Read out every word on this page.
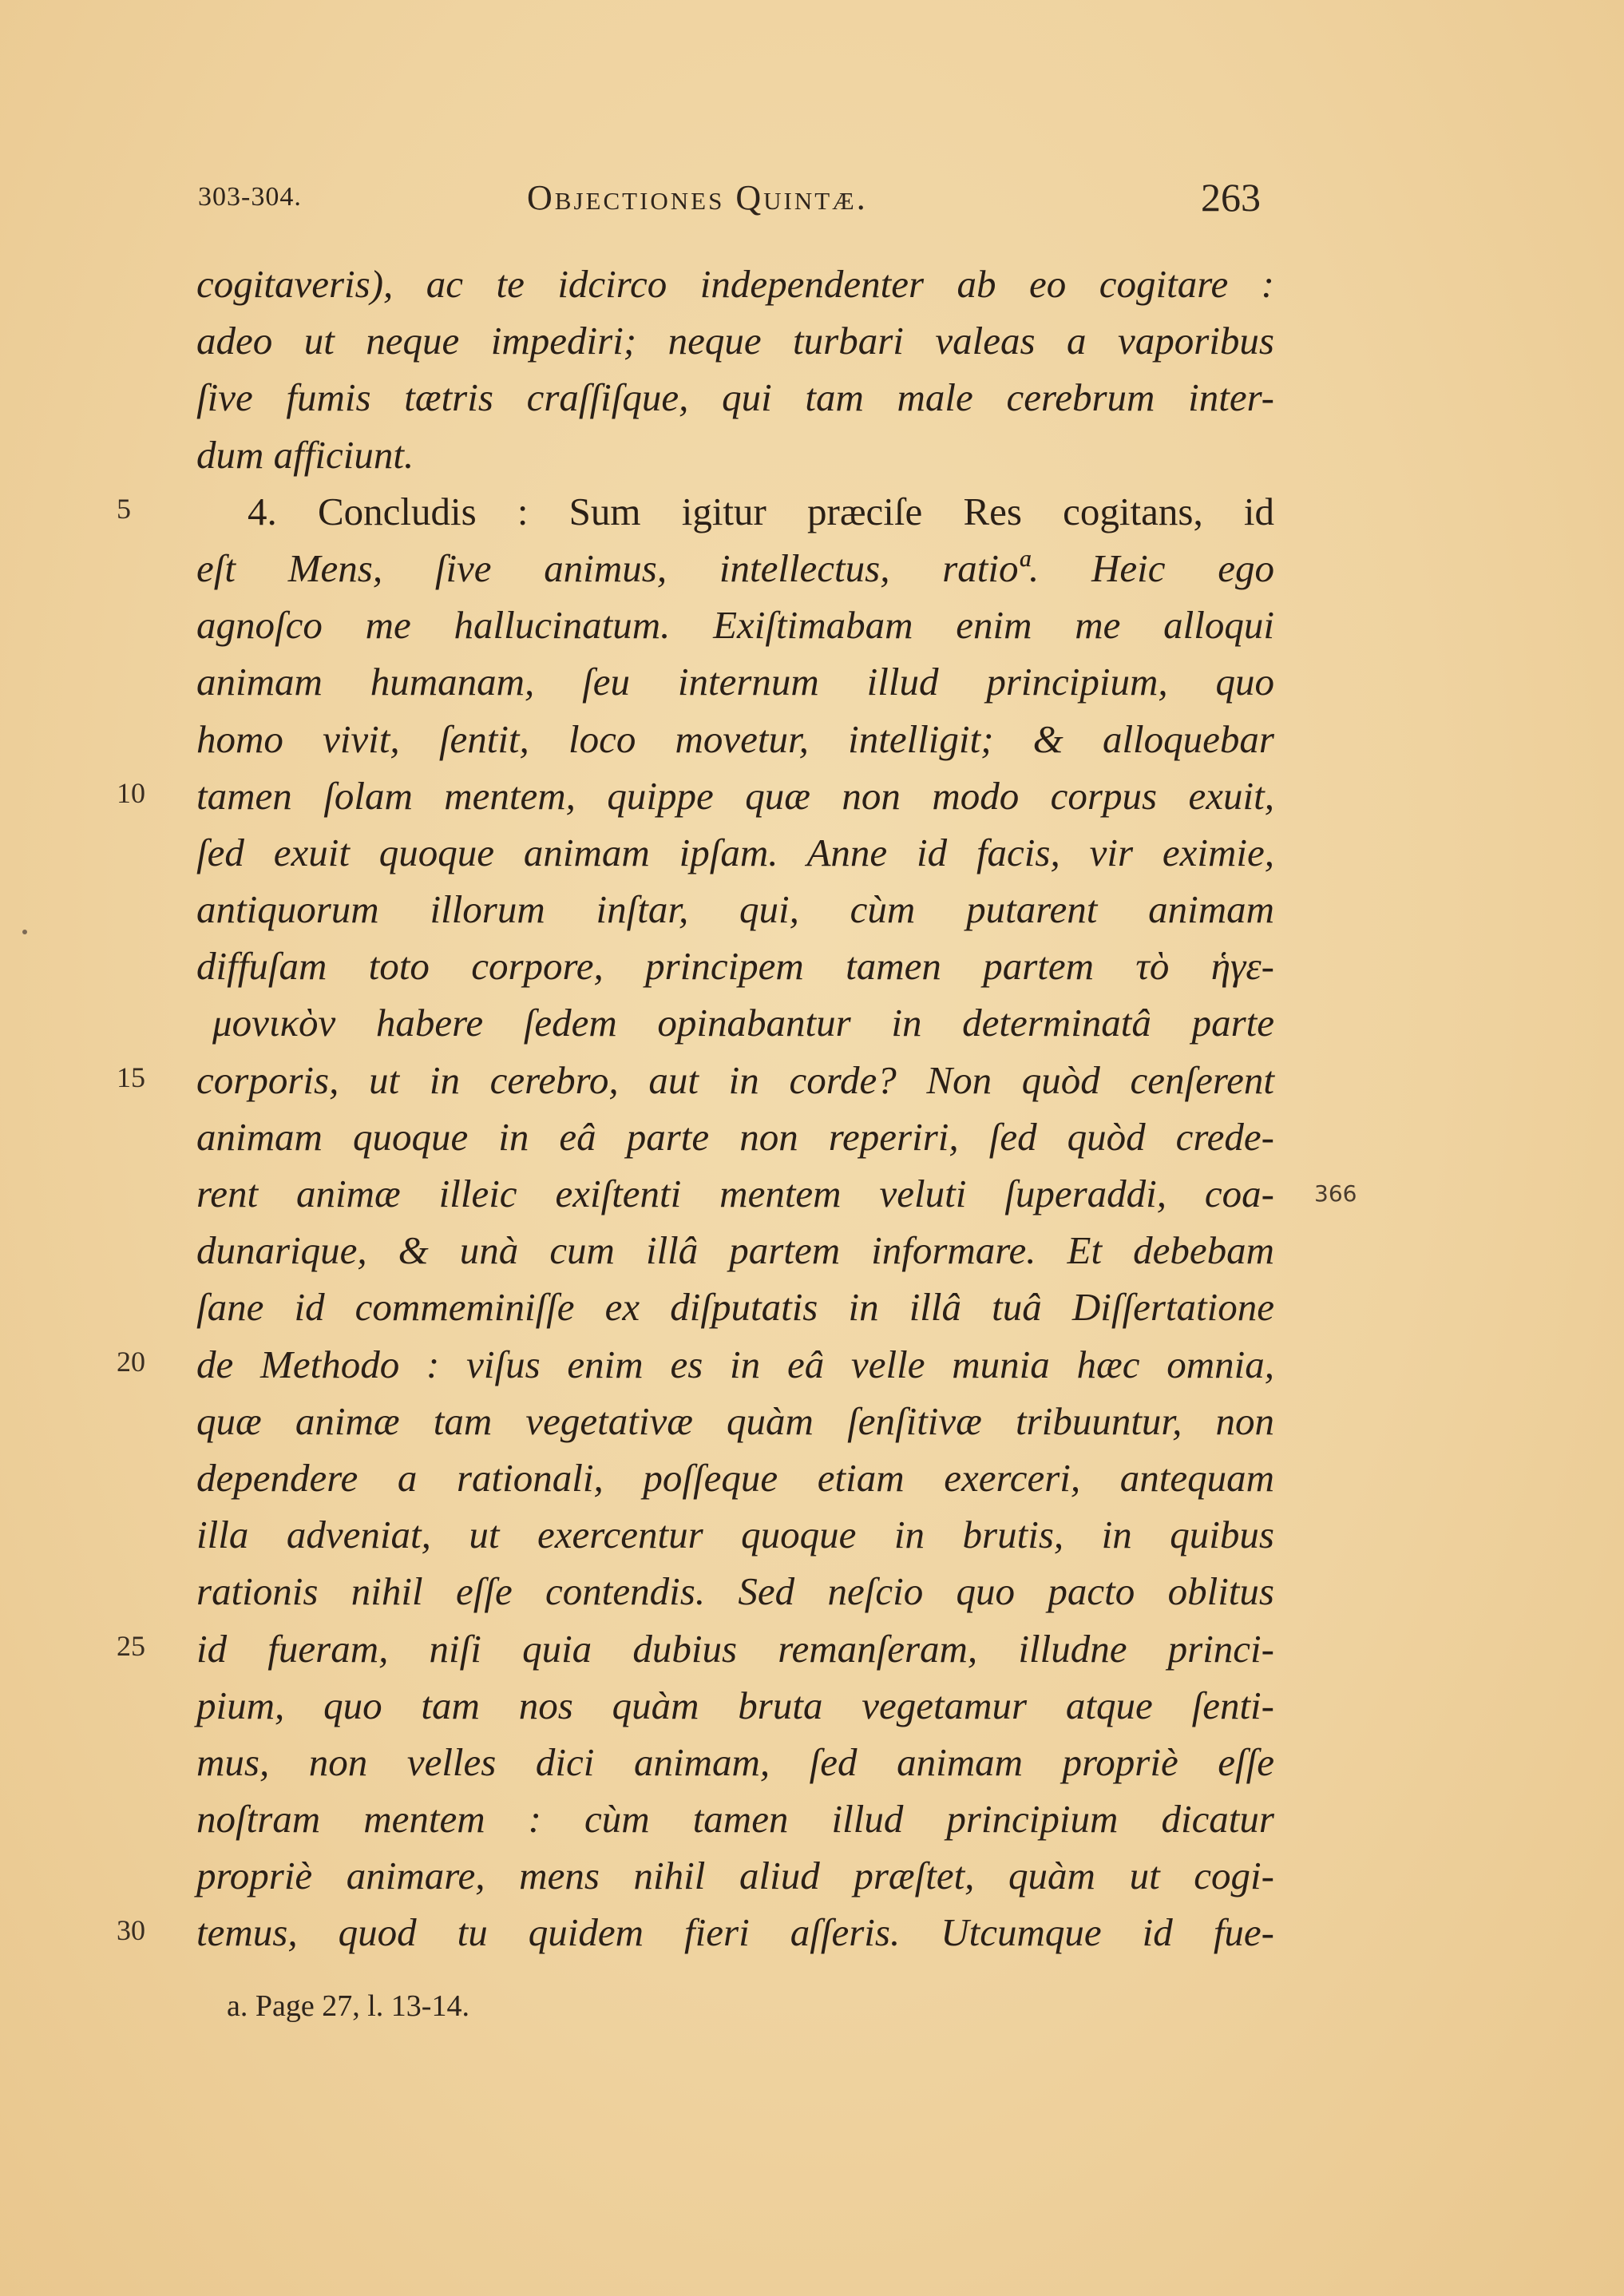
303-304.	Objectiones Quintæ.	263
5
10
15
20
25
30
366
cogitaveris), ac te idcirco independenter ab eo cogitare :
adeo ut neque impediri; neque turbari valeas a vaporibus
ſive fumis tætris craſſiſque, qui tam male cerebrum inter-
dum afficiunt.
4. Concludis : Sum igitur præciſe Res cogitans, id
eſt Mens, ſive animus, intellectus, ratioª. Heic ego
agnoſco me hallucinatum. Exiſtimabam enim me alloqui
animam humanam, ſeu internum illud principium, quo
homo vivit, ſentit, loco movetur, intelligit; & alloquebar
tamen ſolam mentem, quippe quæ non modo corpus exuit,
ſed exuit quoque animam ipſam. Anne id facis, vir eximie,
antiquorum illorum inſtar, qui, cùm putarent animam
diffuſam toto corpore, principem tamen partem τὸ ἡγε-
μονικὸν habere ſedem opinabantur in determinatâ parte
corporis, ut in cerebro, aut in corde? Non quòd cenſerent
animam quoque in eâ parte non reperiri, ſed quòd crede-
rent animæ illeic exiſtenti mentem veluti ſuperaddi, coa-
dunarique, & unà cum illâ partem informare. Et debebam
ſane id commeminiſſe ex diſputatis in illâ tuâ Diſſertatione
de Methodo : viſus enim es in eâ velle munia hæc omnia,
quæ animæ tam vegetativæ quàm ſenſitivæ tribuuntur, non
dependere a rationali, poſſeque etiam exerceri, antequam
illa adveniat, ut exercentur quoque in brutis, in quibus
rationis nihil eſſe contendis. Sed neſcio quo pacto oblitus
id fueram, niſi quia dubius remanſeram, illudne princi-
pium, quo tam nos quàm bruta vegetamur atque ſenti-
mus, non velles dici animam, ſed animam propriè eſſe
noſtram mentem : cùm tamen illud principium dicatur
propriè animare, mens nihil aliud præſtet, quàm ut cogi-
temus, quod tu quidem fieri aſſeris. Utcumque id fue-
a. Page 27, l. 13-14.
